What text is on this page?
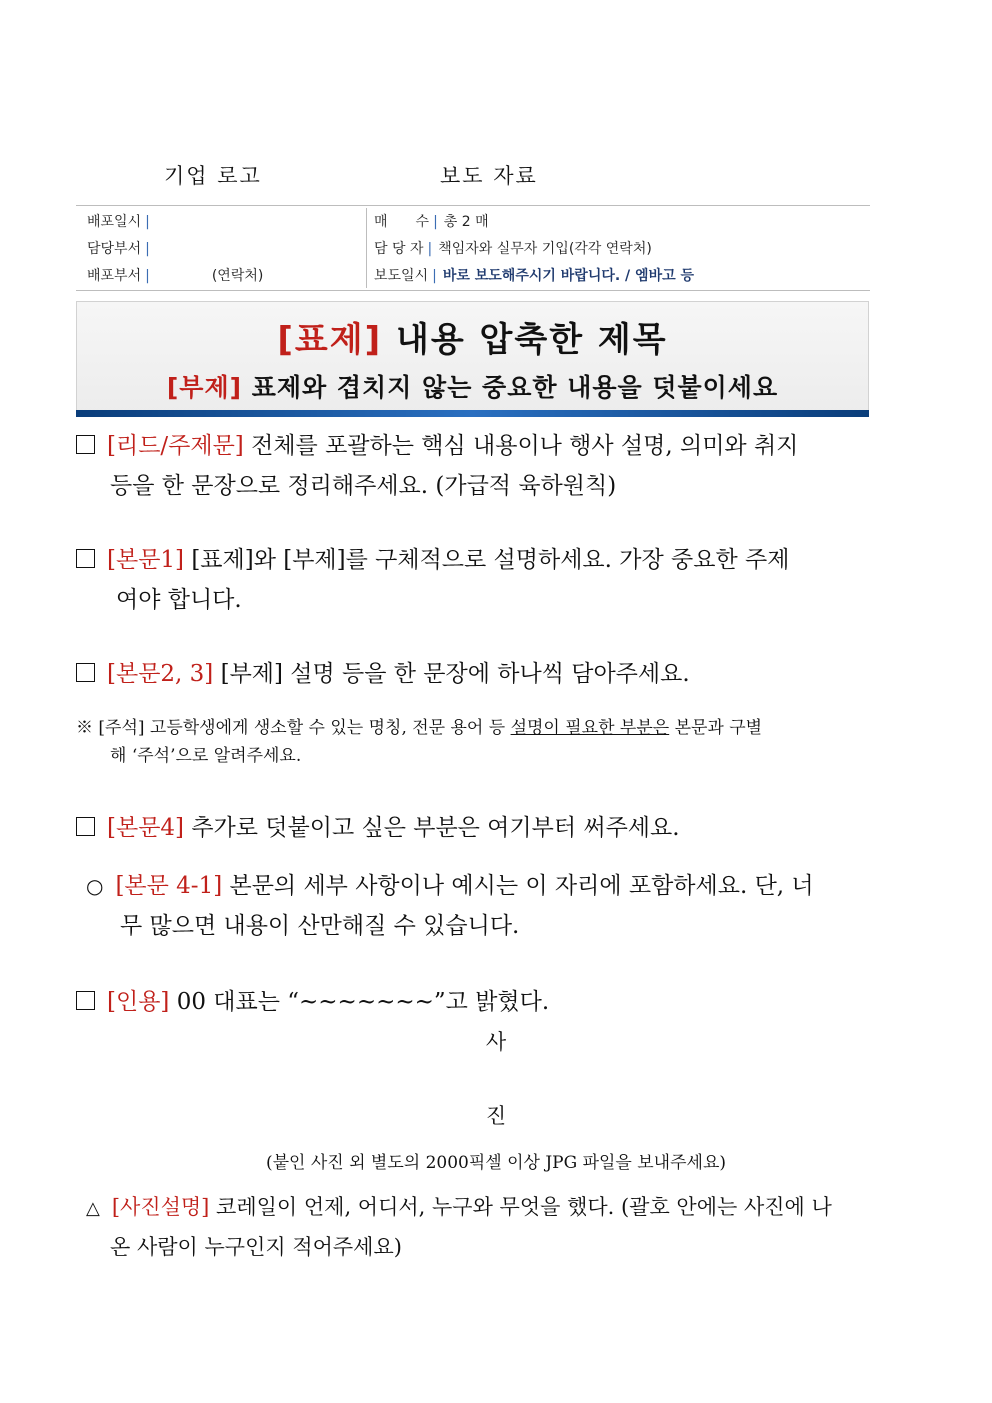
기업 로고	보도 자료
배포일시 |
담당부서 |
배포부서 |	(연락처)
매　　수 | 총 2 매
담 당 자 | 책임자와 실무자 기입(각각 연락처)
보도일시 | 바로 보도해주시기 바랍니다. / 엠바고 등
[표제] 내용 압축한 제목
[부제] 표제와 겹치지 않는 중요한 내용을 덧붙이세요
[리드/주제문] 전체를 포괄하는 핵심 내용이나 행사 설명, 의미와 취지
등을 한 문장으로 정리해주세요. (가급적 육하원칙)
[본문1] [표제]와 [부제]를 구체적으로 설명하세요. 가장 중요한 주제
여야 합니다.
[본문2, 3] [부제] 설명 등을 한 문장에 하나씩 담아주세요.
※ [주석] 고등학생에게 생소할 수 있는 명칭, 전문 용어 등 설명이 필요한 부분은 본문과 구별
해 ‘주석’으로 알려주세요.
[본문4] 추가로 덧붙이고 싶은 부분은 여기부터 써주세요.
○ [본문 4-1] 본문의 세부 사항이나 예시는 이 자리에 포함하세요. 단, 너
무 많으면 내용이 산만해질 수 있습니다.
[인용] 00 대표는 “~~~~~~~”고 밝혔다.
사
진
(붙인 사진 외 별도의 2000픽셀 이상 JPG 파일을 보내주세요)
△ [사진설명] 코레일이 언제, 어디서, 누구와 무엇을 했다. (괄호 안에는 사진에 나
온 사람이 누구인지 적어주세요)
